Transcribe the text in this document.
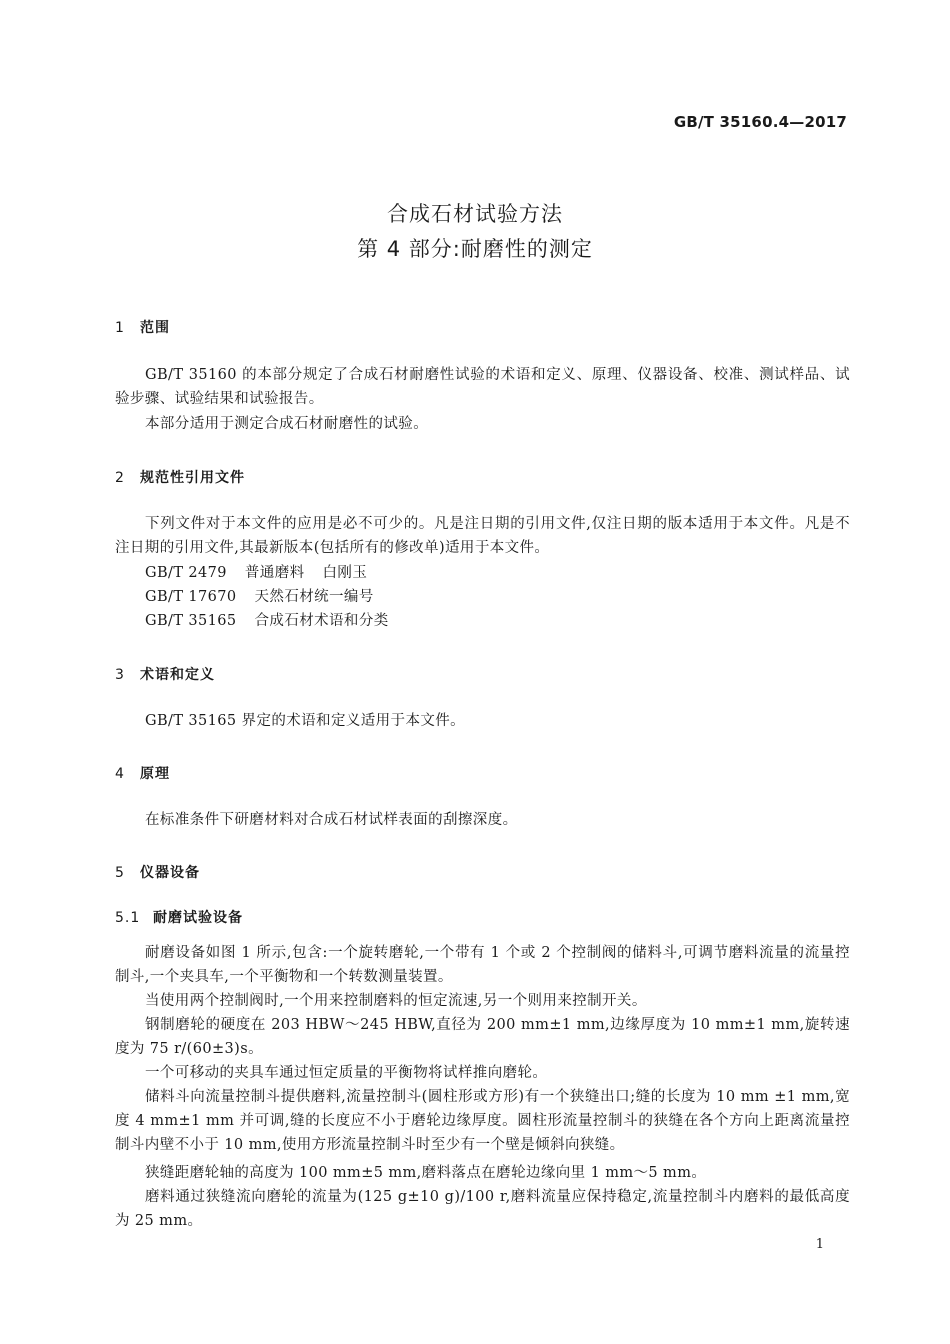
GB/T 35160.4—2017
合成石材试验方法
第 4 部分:耐磨性的测定
1 范围
GB/T 35160 的本部分规定了合成石材耐磨性试验的术语和定义、原理、仪器设备、校准、测试样品、试验步骤、试验结果和试验报告。
本部分适用于测定合成石材耐磨性的试验。
2 规范性引用文件
下列文件对于本文件的应用是必不可少的。凡是注日期的引用文件,仅注日期的版本适用于本文件。凡是不注日期的引用文件,其最新版本(包括所有的修改单)适用于本文件。
GB/T 2479 普通磨料 白刚玉
GB/T 17670 天然石材统一编号
GB/T 35165 合成石材术语和分类
3 术语和定义
GB/T 35165 界定的术语和定义适用于本文件。
4 原理
在标准条件下研磨材料对合成石材试样表面的刮擦深度。
5 仪器设备
5.1 耐磨试验设备
耐磨设备如图 1 所示,包含:一个旋转磨轮,一个带有 1 个或 2 个控制阀的储料斗,可调节磨料流量的流量控制斗,一个夹具车,一个平衡物和一个转数测量装置。
当使用两个控制阀时,一个用来控制磨料的恒定流速,另一个则用来控制开关。
钢制磨轮的硬度在 203 HBW～245 HBW,直径为 200 mm±1 mm,边缘厚度为 10 mm±1 mm,旋转速度为 75 r/(60±3)s。
一个可移动的夹具车通过恒定质量的平衡物将试样推向磨轮。
储料斗向流量控制斗提供磨料,流量控制斗(圆柱形或方形)有一个狭缝出口;缝的长度为 10 mm ±1 mm,宽度 4 mm±1 mm 并可调,缝的长度应不小于磨轮边缘厚度。圆柱形流量控制斗的狭缝在各个方向上距离流量控制斗内壁不小于 10 mm,使用方形流量控制斗时至少有一个壁是倾斜向狭缝。
狭缝距磨轮轴的高度为 100 mm±5 mm,磨料落点在磨轮边缘向里 1 mm～5 mm。
磨料通过狭缝流向磨轮的流量为(125 g±10 g)/100 r,磨料流量应保持稳定,流量控制斗内磨料的最低高度为 25 mm。
1
